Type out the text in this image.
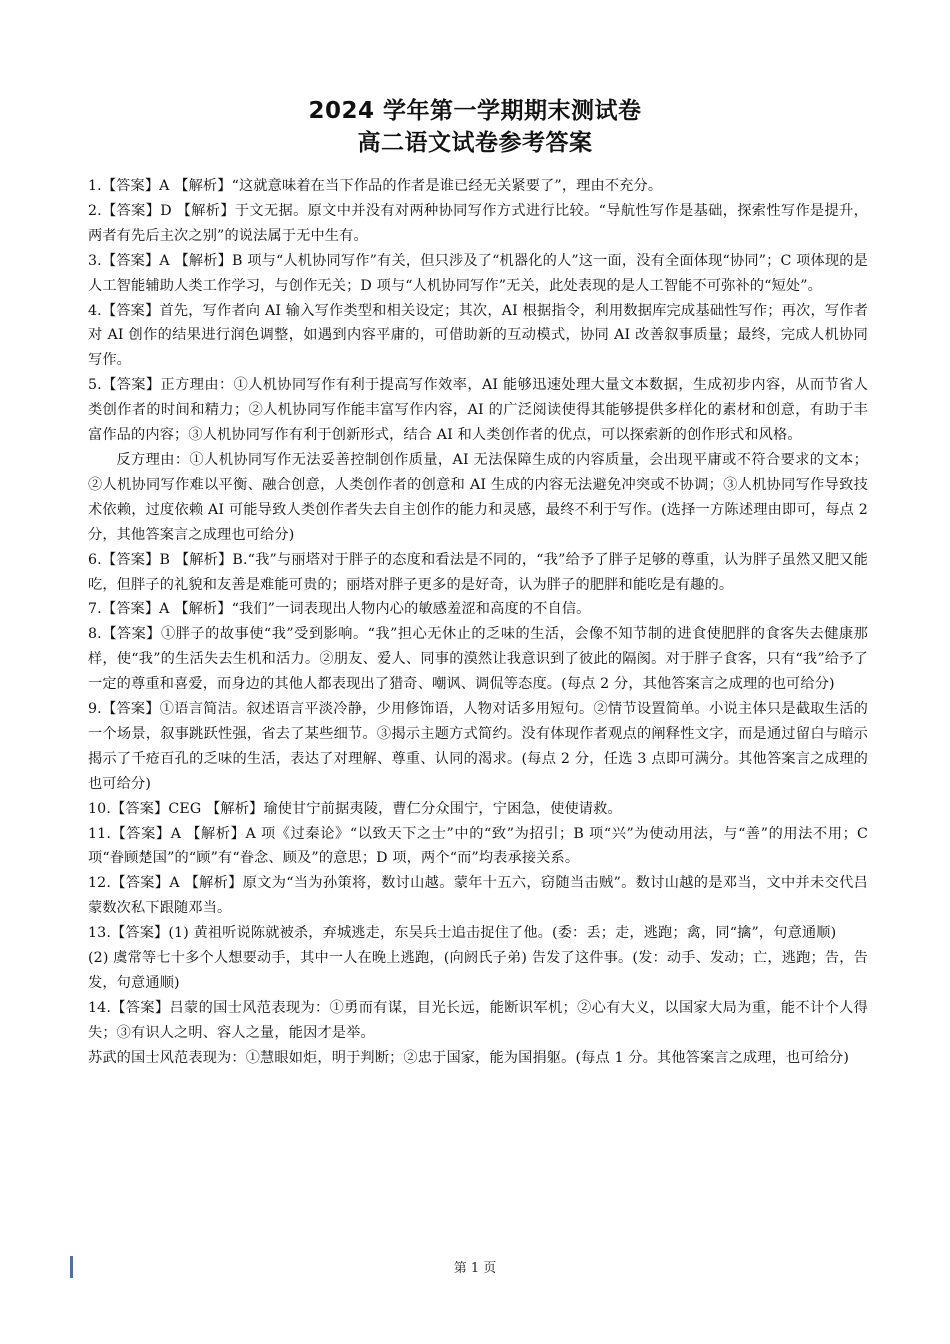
2024 学年第一学期期末测试卷
高二语文试卷参考答案

1.【答案】A 【解析】“这就意味着在当下作品的作者是谁已经无关紧要了”，理由不充分。

2.【答案】D 【解析】于文无据。原文中并没有对两种协同写作方式进行比较。“导航性写作是基础，探索性写作是提升，两者有先后主次之别”的说法属于无中生有。

3.【答案】A 【解析】B 项与“人机协同写作”有关，但只涉及了“机器化的人”这一面，没有全面体现“协同”；C 项体现的是人工智能辅助人类工作学习，与创作无关；D 项与“人机协同写作”无关，此处表现的是人工智能不可弥补的“短处”。

4.【答案】首先，写作者向 AI 输入写作类型和相关设定；其次，AI 根据指令，利用数据库完成基础性写作；再次，写作者对 AI 创作的结果进行润色调整，如遇到内容平庸的，可借助新的互动模式，协同 AI 改善叙事质量；最终，完成人机协同写作。

5.【答案】正方理由：①人机协同写作有利于提高写作效率，AI 能够迅速处理大量文本数据，生成初步内容，从而节省人类创作者的时间和精力；②人机协同写作能丰富写作内容，AI 的广泛阅读使得其能够提供多样化的素材和创意，有助于丰富作品的内容；③人机协同写作有利于创新形式，结合 AI 和人类创作者的优点，可以探索新的创作形式和风格。

反方理由：①人机协同写作无法妥善控制创作质量，AI 无法保障生成的内容质量，会出现平庸或不符合要求的文本；②人机协同写作难以平衡、融合创意，人类创作者的创意和 AI 生成的内容无法避免冲突或不协调；③人机协同写作导致技术依赖，过度依赖 AI 可能导致人类创作者失去自主创作的能力和灵感，最终不利于写作。(选择一方陈述理由即可，每点 2 分，其他答案言之成理也可给分)

6.【答案】B 【解析】B.“我”与丽塔对于胖子的态度和看法是不同的，“我”给予了胖子足够的尊重，认为胖子虽然又肥又能吃，但胖子的礼貌和友善是难能可贵的；丽塔对胖子更多的是好奇，认为胖子的肥胖和能吃是有趣的。

7.【答案】A 【解析】“我们”一词表现出人物内心的敏感羞涩和高度的不自信。

8.【答案】①胖子的故事使“我”受到影响。“我”担心无休止的乏味的生活，会像不知节制的进食使肥胖的食客失去健康那样，使“我”的生活失去生机和活力。②朋友、爱人、同事的漠然让我意识到了彼此的隔阂。对于胖子食客，只有“我”给予了一定的尊重和喜爱，而身边的其他人都表现出了猎奇、嘲讽、调侃等态度。(每点 2 分，其他答案言之成理的也可给分)

9.【答案】①语言简洁。叙述语言平淡冷静，少用修饰语，人物对话多用短句。②情节设置简单。小说主体只是截取生活的一个场景，叙事跳跃性强，省去了某些细节。③揭示主题方式简约。没有体现作者观点的阐释性文字，而是通过留白与暗示揭示了千疮百孔的乏味的生活，表达了对理解、尊重、认同的渴求。(每点 2 分，任选 3 点即可满分。其他答案言之成理的也可给分)

10.【答案】CEG 【解析】瑜使甘宁前据夷陵，曹仁分众围宁，宁困急，使使请救。

11.【答案】A 【解析】A 项《过秦论》“以致天下之士”中的“致”为招引；B 项“兴”为使动用法，与“善”的用法不用；C 项“眷顾楚国”的“顾”有“眷念、顾及”的意思；D 项，两个“而”均表承接关系。

12.【答案】A 【解析】原文为“当为孙策将，数讨山越。蒙年十五六，窃随当击贼”。数讨山越的是邓当，文中并未交代吕蒙数次私下跟随邓当。

13.【答案】(1) 黄祖听说陈就被杀，弃城逃走，东吴兵士追击捉住了他。(委：丢；走，逃跑；禽，同“擒”，句意通顺)

(2) 虞常等七十多个人想要动手，其中一人在晚上逃跑，(向阏氏子弟) 告发了这件事。(发：动手、发动；亡，逃跑；告，告发，句意通顺)

14.【答案】吕蒙的国士风范表现为：①勇而有谋，目光长远，能断识军机；②心有大义，以国家大局为重，能不计个人得失；③有识人之明、容人之量，能因才是举。

苏武的国士风范表现为：①慧眼如炬，明于判断；②忠于国家，能为国捐躯。(每点 1 分。其他答案言之成理，也可给分)

第 1 页
